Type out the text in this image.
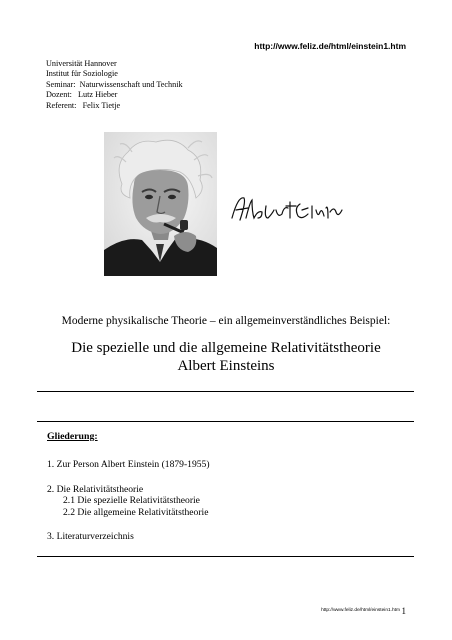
http://www.feliz.de/html/einstein1.htm
Universität Hannover
Institut für Soziologie
Seminar:  Naturwissenschaft und Technik
Dozent:   Lutz Hieber
Referent:   Felix Tietje
Moderne physikalische Theorie – ein allgemeinverständliches Beispiel:
Die spezielle und die allgemeine Relativitätstheorie
Albert Einsteins
Gliederung:
1. Zur Person Albert Einstein (1879-1955)
2. Die Relativitätstheorie
2.1 Die spezielle Relativitätstheorie
2.2 Die allgemeine Relativitätstheorie
3. Literaturverzeichnis
http://www.feliz.de/html/einstein1.htm 1
